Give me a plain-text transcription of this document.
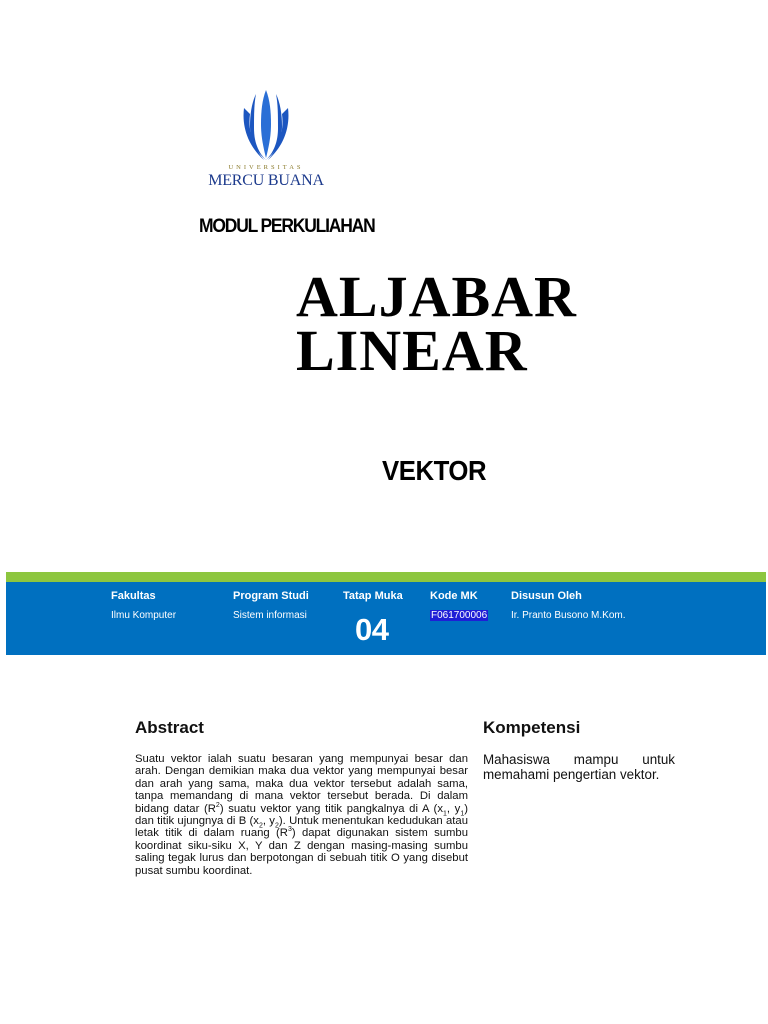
UNIVERSITAS
MERCU BUANA
MODUL PERKULIAHAN
ALJABAR
LINEAR
VEKTOR
Fakultas
Ilmu Komputer
Program Studi
Sistem informasi
Tatap Muka
04
Kode MK
F061700006
Disusun Oleh
Ir. Pranto Busono M.Kom.
Abstract
Suatu vektor ialah suatu besaran yang mempunyai besar dan arah. Dengan demikian maka dua vektor yang mempunyai besar dan arah yang sama, maka dua vektor tersebut adalah sama, tanpa memandang di mana vektor tersebut berada. Di dalam bidang datar $(R^2)$ suatu vektor yang titik pangkalnya di A ($x_1$, $y_1$) dan titik ujungnya di B ($x_2$, $y_2$). Untuk menentukan kedudukan atau letak titik di dalam ruang $(R^3)$ dapat digunakan sistem sumbu koordinat siku-siku X, Y dan Z dengan masing-masing sumbu saling tegak lurus dan berpotongan di sebuah titik O yang disebut pusat sumbu koordinat.
Kompetensi
Mahasiswa mampu untuk memahami pengertian vektor.
